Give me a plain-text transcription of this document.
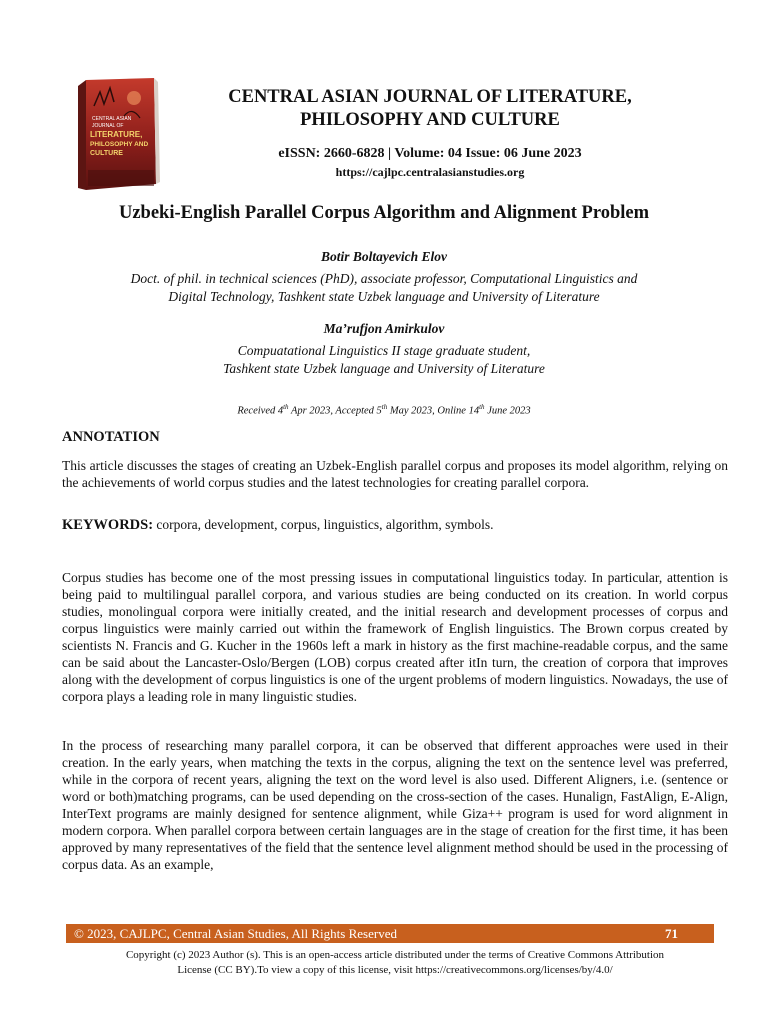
CENTRAL ASIAN
JOURNAL OF
LITERATURE,
PHILOSOPHY AND
CULTURE
CENTRAL ASIAN JOURNAL OF LITERATURE,
PHILOSOPHY AND CULTURE
eISSN: 2660-6828 | Volume: 04 Issue: 06 June 2023
https://cajlpc.centralasianstudies.org
Uzbeki-English Parallel Corpus Algorithm and Alignment Problem
Botir Boltayevich Elov
Doct. of phil. in technical sciences (PhD), associate professor, Computational Linguistics and
Digital Technology, Tashkent state Uzbek language and University of Literature
Ma’rufjon Amirkulov
Compuatational Linguistics II stage graduate student,
Tashkent state Uzbek language and University of Literature
Received 4th Apr 2023, Accepted 5th May 2023, Online 14th June 2023
ANNOTATION
This article discusses the stages of creating an Uzbek-English parallel corpus and proposes its model algorithm, relying on the achievements of world corpus studies and the latest technologies for creating parallel corpora.
KEYWORDS: corpora, development, corpus, linguistics, algorithm, symbols.
Corpus studies has become one of the most pressing issues in computational linguistics today. In particular, attention is being paid to multilingual parallel corpora, and various studies are being conducted on its creation. In world corpus studies, monolingual corpora were initially created, and the initial research and development processes of corpus and corpus linguistics were mainly carried out within the framework of English linguistics. The Brown corpus created by scientists N. Francis and G. Kucher in the 1960s left a mark in history as the first machine-readable corpus, and the same can be said about the Lancaster-Oslo/Bergen (LOB) corpus created after itIn turn, the creation of corpora that improves along with the development of corpus linguistics is one of the urgent problems of modern linguistics. Nowadays, the use of corpora plays a leading role in many linguistic studies.
In the process of researching many parallel corpora, it can be observed that different approaches were used in their creation. In the early years, when matching the texts in the corpus, aligning the text on the sentence level was preferred, while in the corpora of recent years, aligning the text on the word level is also used. Different Aligners, i.e. (sentence or word or both)matching programs, can be used depending on the cross-section of the cases. Hunalign, FastAlign, E-Align, InterText programs are mainly designed for sentence alignment, while Giza++ program is used for word alignment in modern corpora. When parallel corpora between certain languages are in the stage of creation for the first time, it has been approved by many representatives of the field that the sentence level alignment method should be used in the processing of corpus data. As an example,
© 2023, CAJLPC, Central Asian Studies, All Rights Reserved	71
Copyright (c) 2023 Author (s). This is an open-access article distributed under the terms of Creative Commons Attribution
License (CC BY).To view a copy of this license, visit https://creativecommons.org/licenses/by/4.0/
